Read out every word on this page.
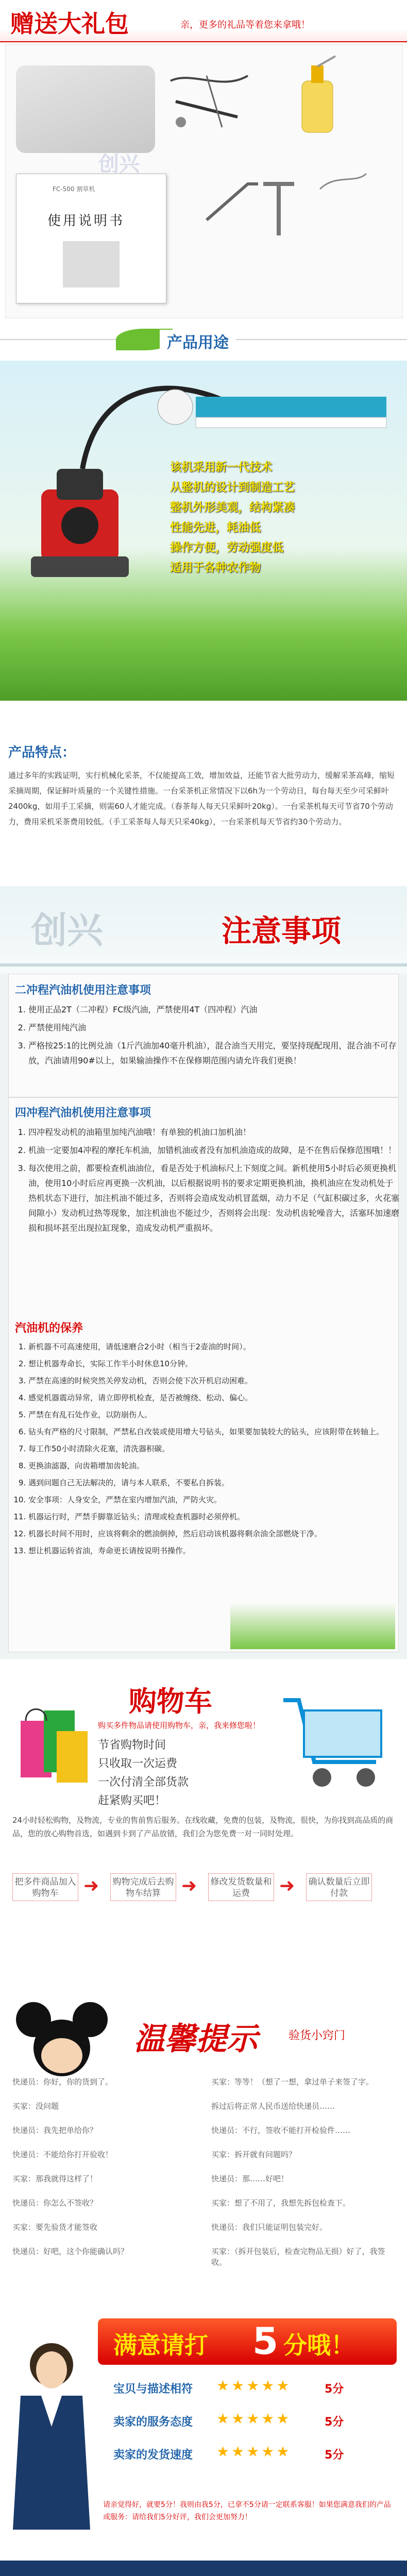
赠送大礼包	亲，更多的礼品等着您来拿哦！
FC-500 割草机
使用说明书
创兴
产品用途
该机采用新一代技术
从整机的设计到制造工艺
整机外形美观，结构紧凑
性能先进，耗油低
操作方便，劳动强度低
适用于各种农作物
产品特点：
通过多年的实践证明，实行机械化采茶，不仅能提高工效，增加效益，还能节省大批劳动力，缓解采茶高峰，缩短采摘周期，保证鲜叶质量的一个关键性措施。一台采茶机正常情况下以6h为一个劳动日，每台每天至少可采鲜叶2400kg，如用手工采摘，则需60人才能完成。（春茶每人每天只采鲜叶20kg）。一台采茶机每天可节省70个劳动力，费用采机采茶费用较低。（手工采茶每人每天只采40kg），一台采茶机每天节省约30个劳动力。
创兴	注意事项
二冲程汽油机使用注意事项
1. 使用正品2T（二冲程）FC级汽油，严禁使用4T（四冲程）汽油
2. 严禁使用纯汽油
3. 严格按25:1的比例兑油（1斤汽油加40毫升机油），混合油当天用完，要坚持现配现用，混合油不可存放，汽油请用90#以上，如果输油操作不在保修期范围内请允许我们更换！
四冲程汽油机使用注意事项
1. 四冲程发动机的油箱里加纯汽油哦！有单独的机油口加机油！
2. 机油一定要加4冲程的摩托车机油，加错机油或者没有加机油造成的故障，是不在售后保修范围哦！！
3. 每次使用之前，都要检查机油油位，看是否处于机油标尺上下刻度之间。新机使用5小时后必须更换机油，使用10小时后应再更换一次机油，以后根据说明书的要求定期更换机油，换机油应在发动机处于热机状态下进行，加注机油不能过多，否则将会造成发动机冒蓝烟，动力不足（气缸积碳过多，火花塞间隙小）发动机过热等现象，加注机油也不能过少，否则将会出现：发动机齿轮噪音大，活塞环加速磨损和损坏甚至出现拉缸现象，造成发动机严重损坏。
汽油机的保养
1. 新机器不可高速使用，请低速磨合2小时（相当于2壶油的时间）。
2. 想让机器寿命长，实际工作半小时休息10分钟。
3. 严禁在高速的时候突然关停发动机，否则会使下次开机启动困难。
4. 感觉机器震动异常，请立即停机检查，是否被缠绕、松动、偏心。
5. 严禁在有乱石处作业，以防崩伤人。
6. 钻头有严格的尺寸限制，严禁私自改装或使用增大号钻头，如果要加装较大的钻头，应该附带在转轴上。
7. 每工作50小时清除火花塞，清洗器积碳。
8. 更换油滤器，向齿箱增加齿轮油。
9. 遇到问题自己无法解决的，请与本人联系，不要私自拆装。
10. 安全事项：人身安全，严禁在室内增加汽油，严防火灾。
11. 机器运行时，严禁手脚靠近钻头；清理或检查机器时必须停机。
12. 机器长时间不用时，应该将剩余的燃油倒掉，然后启动该机器将剩余油全部燃烧干净。
13. 想让机器运转省油，寿命更长请按说明书操作。
购物车
购买多件物品请使用购物车，亲，我来修您啦！
节省购物时间
只收取一次运费
一次付清全部货款
赶紧购买吧！
24小时轻松购物，及物流，专业的售前售后服务。在线收藏，免费的包装，及物流，很快，为你找到高品质的商品，您的放心购物首选，如遇到卡到了产品放错，我们会为您免费一对一同时处理。
把多件商品加入购物车	➜ 购物完成后去购物车结算	➜ 修改发货数量和运费	➜ 确认数量后立即付款
温馨提示	验货小窍门
快递员：你好，你的货到了。
买家：没问题
快递员：我先把单给你？
快递员：不能给你打开验收！
买家：那我就得这样了！
快递员：你怎么不签收？
买家：要先验货才能签收
快递员：好吧，这个你能确认吗？
买家：等等！（想了一想，拿过单子来签了字。
拆过后将正常人民币送给快递员……
快递员：不行，签收不能打开检验件……
买家：拆开就有问题吗？
快递员：那……好吧！
买家：想了不用了，我想先拆包检查下。
快递员：我们只能证明包装完好。
买家：（拆开包装后，检查完物品无损）好了，我签收。
满意请打 5 分哦！
宝贝与描述相符 ★★★★★	5分
卖家的服务态度 ★★★★★	5分
卖家的发货速度 ★★★★★	5分
请亲觉得好，就要5分！我则由我5分，已拿不5分请一定联系客服！如果您满意我们的产品或服务：请给我们5分好评，我们会更加努力！
